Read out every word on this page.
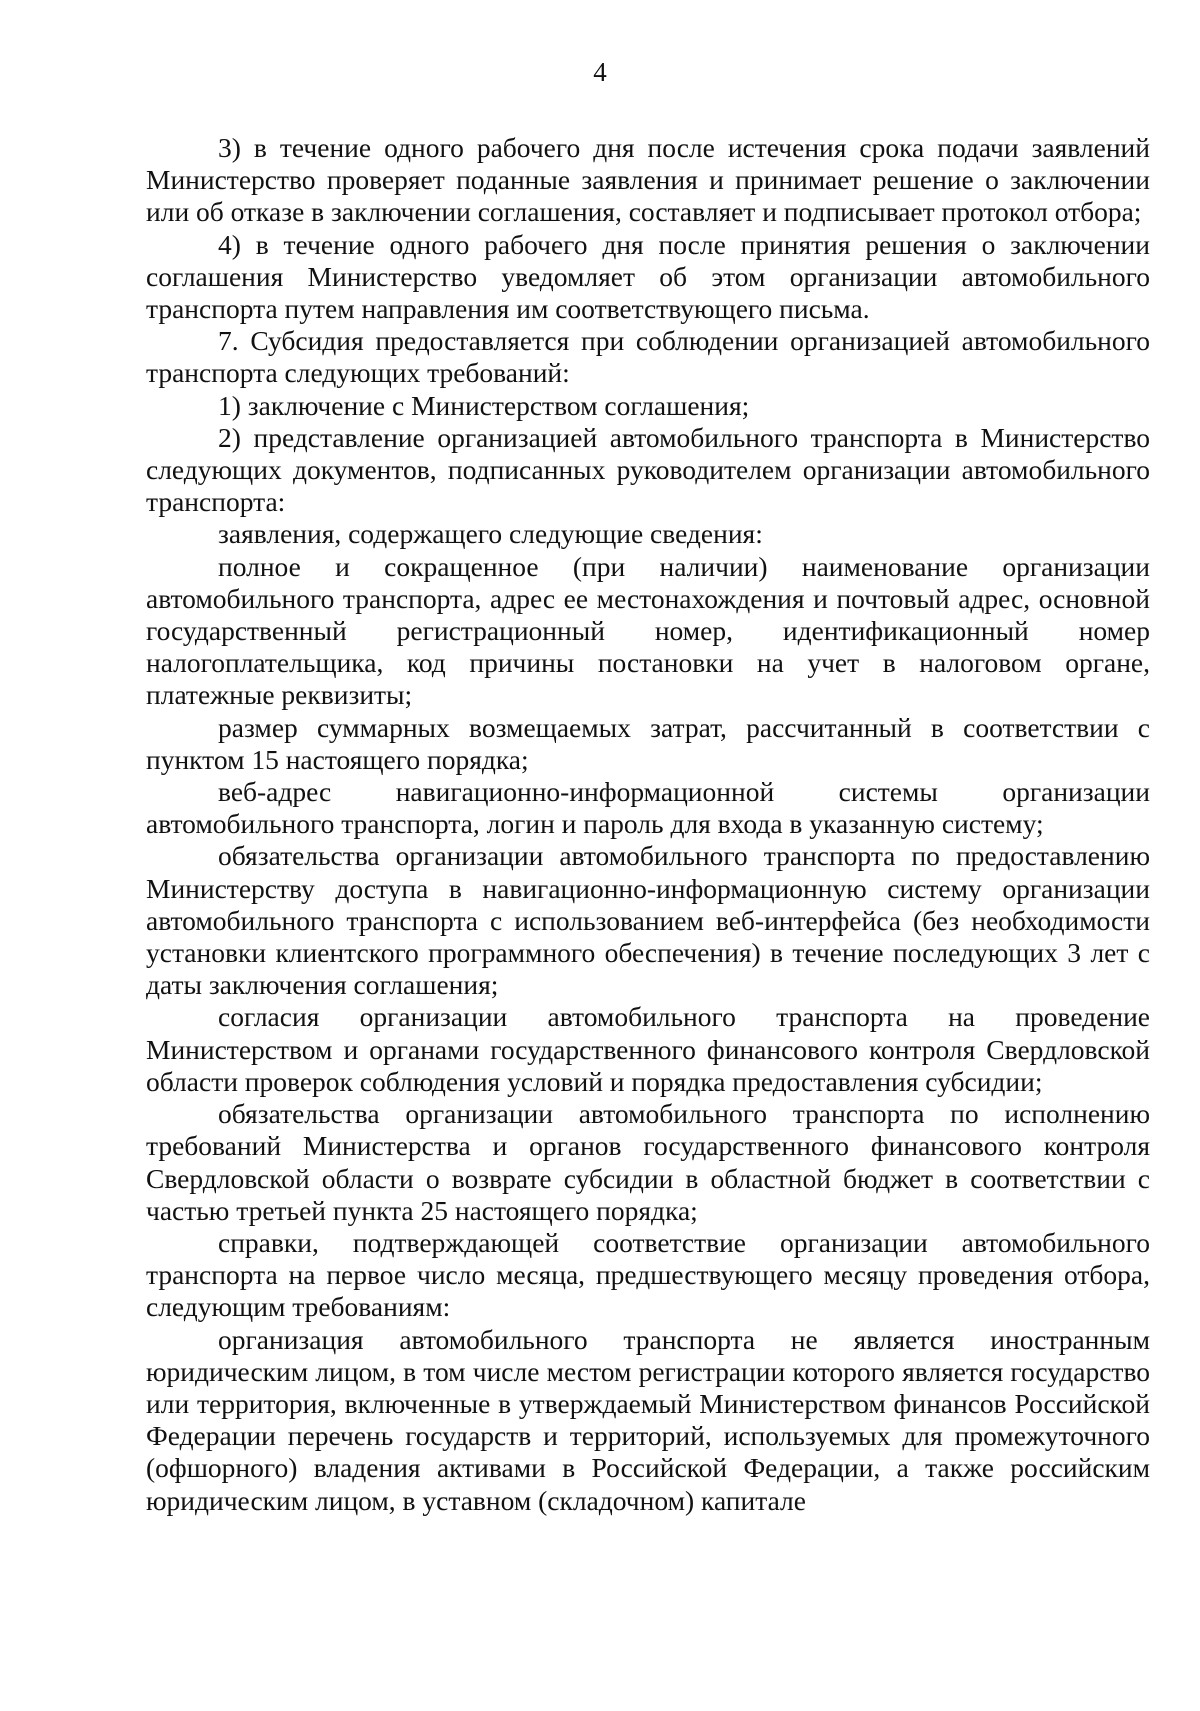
4

3) в течение одного рабочего дня после истечения срока подачи заявлений Министерство проверяет поданные заявления и принимает решение о заключении или об отказе в заключении соглашения, составляет и подписывает протокол отбора;

4) в течение одного рабочего дня после принятия решения о заключении соглашения Министерство уведомляет об этом организации автомобильного транспорта путем направления им соответствующего письма.

7. Субсидия предоставляется при соблюдении организацией автомобильного транспорта следующих требований:

1) заключение с Министерством соглашения;

2) представление организацией автомобильного транспорта в Министерство следующих документов, подписанных руководителем организации автомобильного транспорта:

заявления, содержащего следующие сведения:

полное и сокращенное (при наличии) наименование организации автомобильного транспорта, адрес ее местонахождения и почтовый адрес, основной государственный регистрационный номер, идентификационный номер налогоплательщика, код причины постановки на учет в налоговом органе, платежные реквизиты;

размер суммарных возмещаемых затрат, рассчитанный в соответствии с пунктом 15 настоящего порядка;

веб-адрес навигационно-информационной системы организации автомобильного транспорта, логин и пароль для входа в указанную систему;

обязательства организации автомобильного транспорта по предоставлению Министерству доступа в навигационно-информационную систему организации автомобильного транспорта с использованием веб-интерфейса (без необходимости установки клиентского программного обеспечения) в течение последующих 3 лет с даты заключения соглашения;

согласия организации автомобильного транспорта на проведение Министерством и органами государственного финансового контроля Свердловской области проверок соблюдения условий и порядка предоставления субсидии;

обязательства организации автомобильного транспорта по исполнению требований Министерства и органов государственного финансового контроля Свердловской области о возврате субсидии в областной бюджет в соответствии с частью третьей пункта 25 настоящего порядка;

справки, подтверждающей соответствие организации автомобильного транспорта на первое число месяца, предшествующего месяцу проведения отбора, следующим требованиям:

организация автомобильного транспорта не является иностранным юридическим лицом, в том числе местом регистрации которого является государство или территория, включенные в утверждаемый Министерством финансов Российской Федерации перечень государств и территорий, используемых для промежуточного (офшорного) владения активами в Российской Федерации, а также российским юридическим лицом, в уставном (складочном) капитале
